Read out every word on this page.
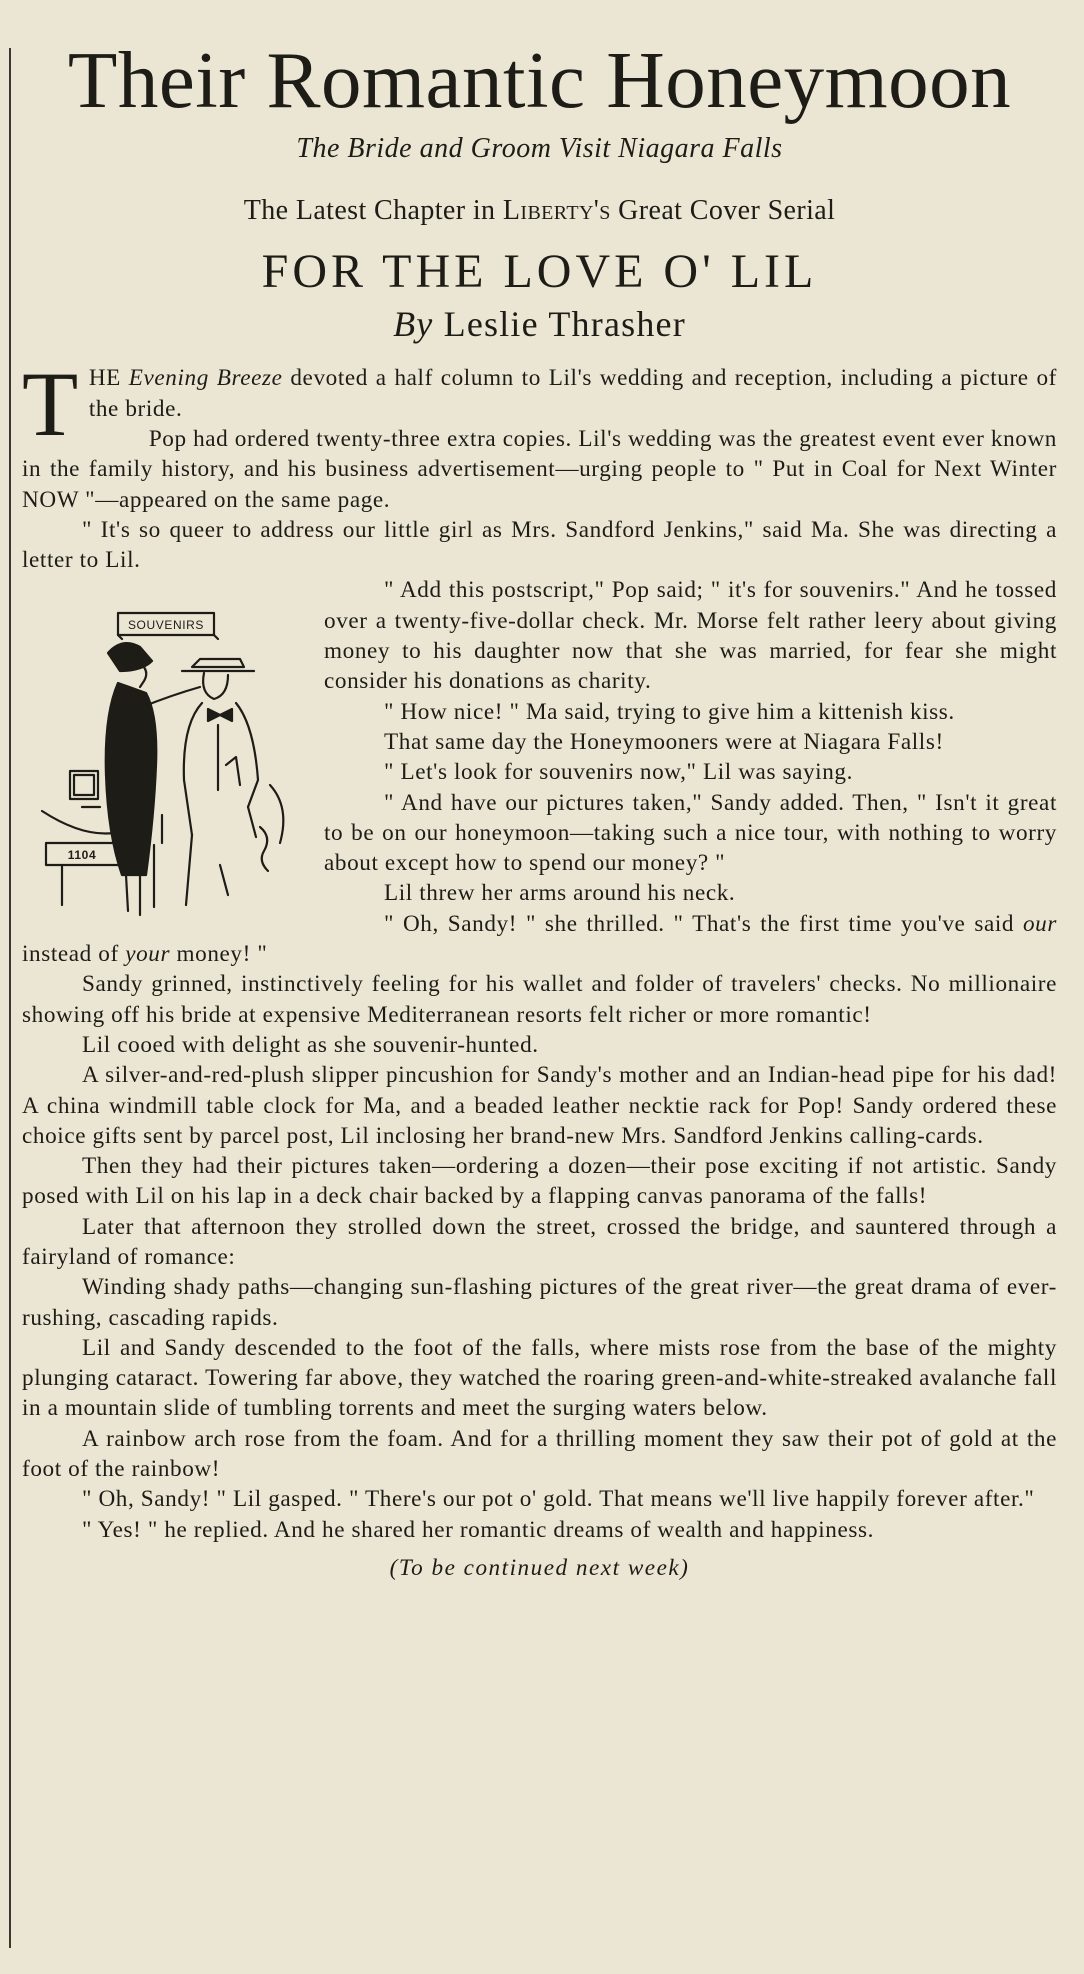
Their Romantic Honeymoon
The Bride and Groom Visit Niagara Falls
The Latest Chapter in Liberty's Great Cover Serial
FOR THE LOVE O' LIL
By Leslie Thrasher

THE Evening Breeze devoted a half column to Lil's wedding and reception, including a picture of the bride.

Pop had ordered twenty-three extra copies. Lil's wedding was the greatest event ever known in the family history, and his business advertisement—urging people to " Put in Coal for Next Winter NOW "—appeared on the same page.

" It's so queer to address our little girl as Mrs. Sandford Jenkins," said Ma. She was directing a letter to Lil.

SOUVENIRS
1104

" Add this postscript," Pop said; " it's for souvenirs." And he tossed over a twenty-five-dollar check. Mr. Morse felt rather leery about giving money to his daughter now that she was married, for fear she might consider his donations as charity.

" How nice! " Ma said, trying to give him a kittenish kiss.

That same day the Honeymooners were at Niagara Falls!

" Let's look for souvenirs now," Lil was saying.

" And have our pictures taken," Sandy added. Then, " Isn't it great to be on our honeymoon—taking such a nice tour, with nothing to worry about except how to spend our money? "

Lil threw her arms around his neck.

" Oh, Sandy! " she thrilled. " That's the first time you've said our instead of your money! "

Sandy grinned, instinctively feeling for his wallet and folder of travelers' checks. No millionaire showing off his bride at expensive Mediterranean resorts felt richer or more romantic!

Lil cooed with delight as she souvenir-hunted.

A silver-and-red-plush slipper pincushion for Sandy's mother and an Indian-head pipe for his dad! A china windmill table clock for Ma, and a beaded leather necktie rack for Pop! Sandy ordered these choice gifts sent by parcel post, Lil inclosing her brand-new Mrs. Sandford Jenkins calling-cards.

Then they had their pictures taken—ordering a dozen—their pose exciting if not artistic. Sandy posed with Lil on his lap in a deck chair backed by a flapping canvas panorama of the falls!

Later that afternoon they strolled down the street, crossed the bridge, and sauntered through a fairyland of romance:

Winding shady paths—changing sun-flashing pictures of the great river—the great drama of ever-rushing, cascading rapids.

Lil and Sandy descended to the foot of the falls, where mists rose from the base of the mighty plunging cataract. Towering far above, they watched the roaring green-and-white-streaked avalanche fall in a mountain slide of tumbling torrents and meet the surging waters below.

A rainbow arch rose from the foam. And for a thrilling moment they saw their pot of gold at the foot of the rainbow!

" Oh, Sandy! " Lil gasped. " There's our pot o' gold. That means we'll live happily forever after."

" Yes! " he replied. And he shared her romantic dreams of wealth and happiness.

(To be continued next week)
